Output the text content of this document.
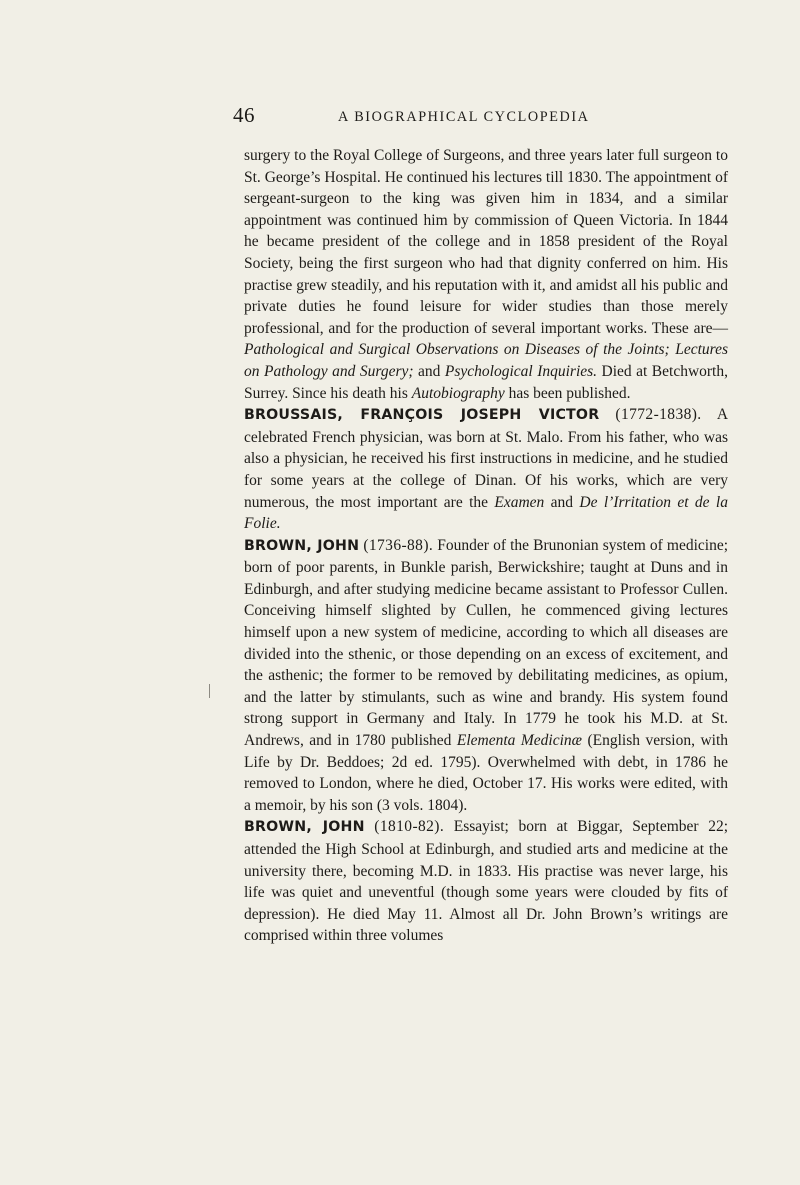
46	A BIOGRAPHICAL CYCLOPEDIA

surgery to the Royal College of Surgeons, and three years later full surgeon to St. George’s Hospital. He continued his lectures till 1830. The appointment of sergeant-surgeon to the king was given him in 1834, and a similar appointment was continued him by commission of Queen Victoria. In 1844 he became president of the college and in 1858 president of the Royal Society, being the first surgeon who had that dignity conferred on him. His practise grew steadily, and his reputation with it, and amidst all his public and private duties he found leisure for wider studies than those merely professional, and for the production of several important works. These are—Pathological and Surgical Observations on Diseases of the Joints; Lectures on Pathology and Surgery; and Psychological Inquiries. Died at Betchworth, Surrey. Since his death his Autobiography has been published.

BROUSSAIS, FRANÇOIS JOSEPH VICTOR (1772-1838). A celebrated French physician, was born at St. Malo. From his father, who was also a physician, he received his first instructions in medicine, and he studied for some years at the college of Dinan. Of his works, which are very numerous, the most important are the Examen and De l’Irritation et de la Folie.

BROWN, JOHN (1736-88). Founder of the Brunonian system of medicine; born of poor parents, in Bunkle parish, Berwickshire; taught at Duns and in Edinburgh, and after studying medicine became assistant to Professor Cullen. Conceiving himself slighted by Cullen, he commenced giving lectures himself upon a new system of medicine, according to which all diseases are divided into the sthenic, or those depending on an excess of excitement, and the asthenic; the former to be removed by debilitating medicines, as opium, and the latter by stimulants, such as wine and brandy. His system found strong support in Germany and Italy. In 1779 he took his M.D. at St. Andrews, and in 1780 published Elementa Medicinæ (English version, with Life by Dr. Beddoes; 2d ed. 1795). Overwhelmed with debt, in 1786 he removed to London, where he died, October 17. His works were edited, with a memoir, by his son (3 vols. 1804).

BROWN, JOHN (1810-82). Essayist; born at Biggar, September 22; attended the High School at Edinburgh, and studied arts and medicine at the university there, becoming M.D. in 1833. His practise was never large, his life was quiet and uneventful (though some years were clouded by fits of depression). He died May 11. Almost all Dr. John Brown’s writings are comprised within three volumes
